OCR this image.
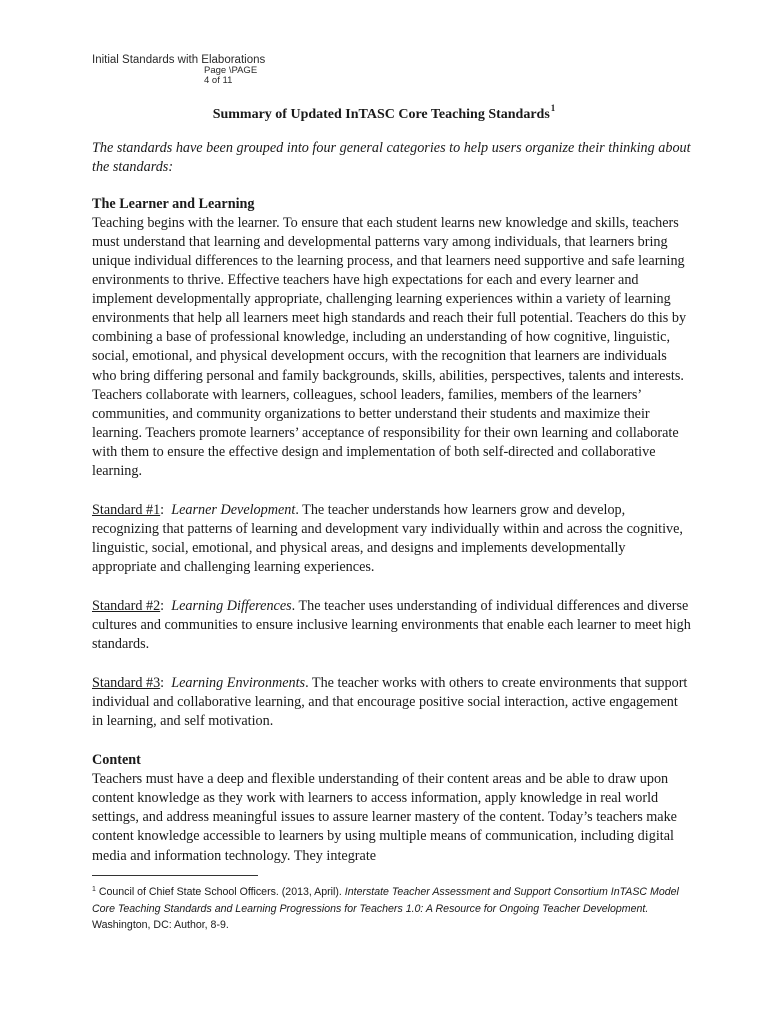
Initial Standards with Elaborations
Page \PAGE
4 of 11
Summary of Updated InTASC Core Teaching Standards$^1$

The standards have been grouped into four general categories to help users organize their thinking about the standards:

The Learner and Learning

Teaching begins with the learner. To ensure that each student learns new knowledge and skills, teachers must understand that learning and developmental patterns vary among individuals, that learners bring unique individual differences to the learning process, and that learners need supportive and safe learning environments to thrive. Effective teachers have high expectations for each and every learner and implement developmentally appropriate, challenging learning experiences within a variety of learning environments that help all learners meet high standards and reach their full potential. Teachers do this by combining a base of professional knowledge, including an understanding of how cognitive, linguistic, social, emotional, and physical development occurs, with the recognition that learners are individuals who bring differing personal and family backgrounds, skills, abilities, perspectives, talents and interests. Teachers collaborate with learners, colleagues, school leaders, families, members of the learners’ communities, and community organizations to better understand their students and maximize their learning. Teachers promote learners’ acceptance of responsibility for their own learning and collaborate with them to ensure the effective design and implementation of both self-directed and collaborative learning.

Standard #1:  Learner Development. The teacher understands how learners grow and develop, recognizing that patterns of learning and development vary individually within and across the cognitive, linguistic, social, emotional, and physical areas, and designs and implements developmentally appropriate and challenging learning experiences.

Standard #2:  Learning Differences. The teacher uses understanding of individual differences and diverse cultures and communities to ensure inclusive learning environments that enable each learner to meet high standards.

Standard #3:  Learning Environments. The teacher works with others to create environments that support individual and collaborative learning, and that encourage positive social interaction, active engagement in learning, and self motivation.

Content

Teachers must have a deep and flexible understanding of their content areas and be able to draw upon content knowledge as they work with learners to access information, apply knowledge in real world settings, and address meaningful issues to assure learner mastery of the content. Today’s teachers make content knowledge accessible to learners by using multiple means of communication, including digital media and information technology. They integrate

$^1$ Council of Chief State School Officers. (2013, April). Interstate Teacher Assessment and Support Consortium InTASC Model Core Teaching Standards and Learning Progressions for Teachers 1.0: A Resource for Ongoing Teacher Development. Washington, DC: Author, 8-9.
